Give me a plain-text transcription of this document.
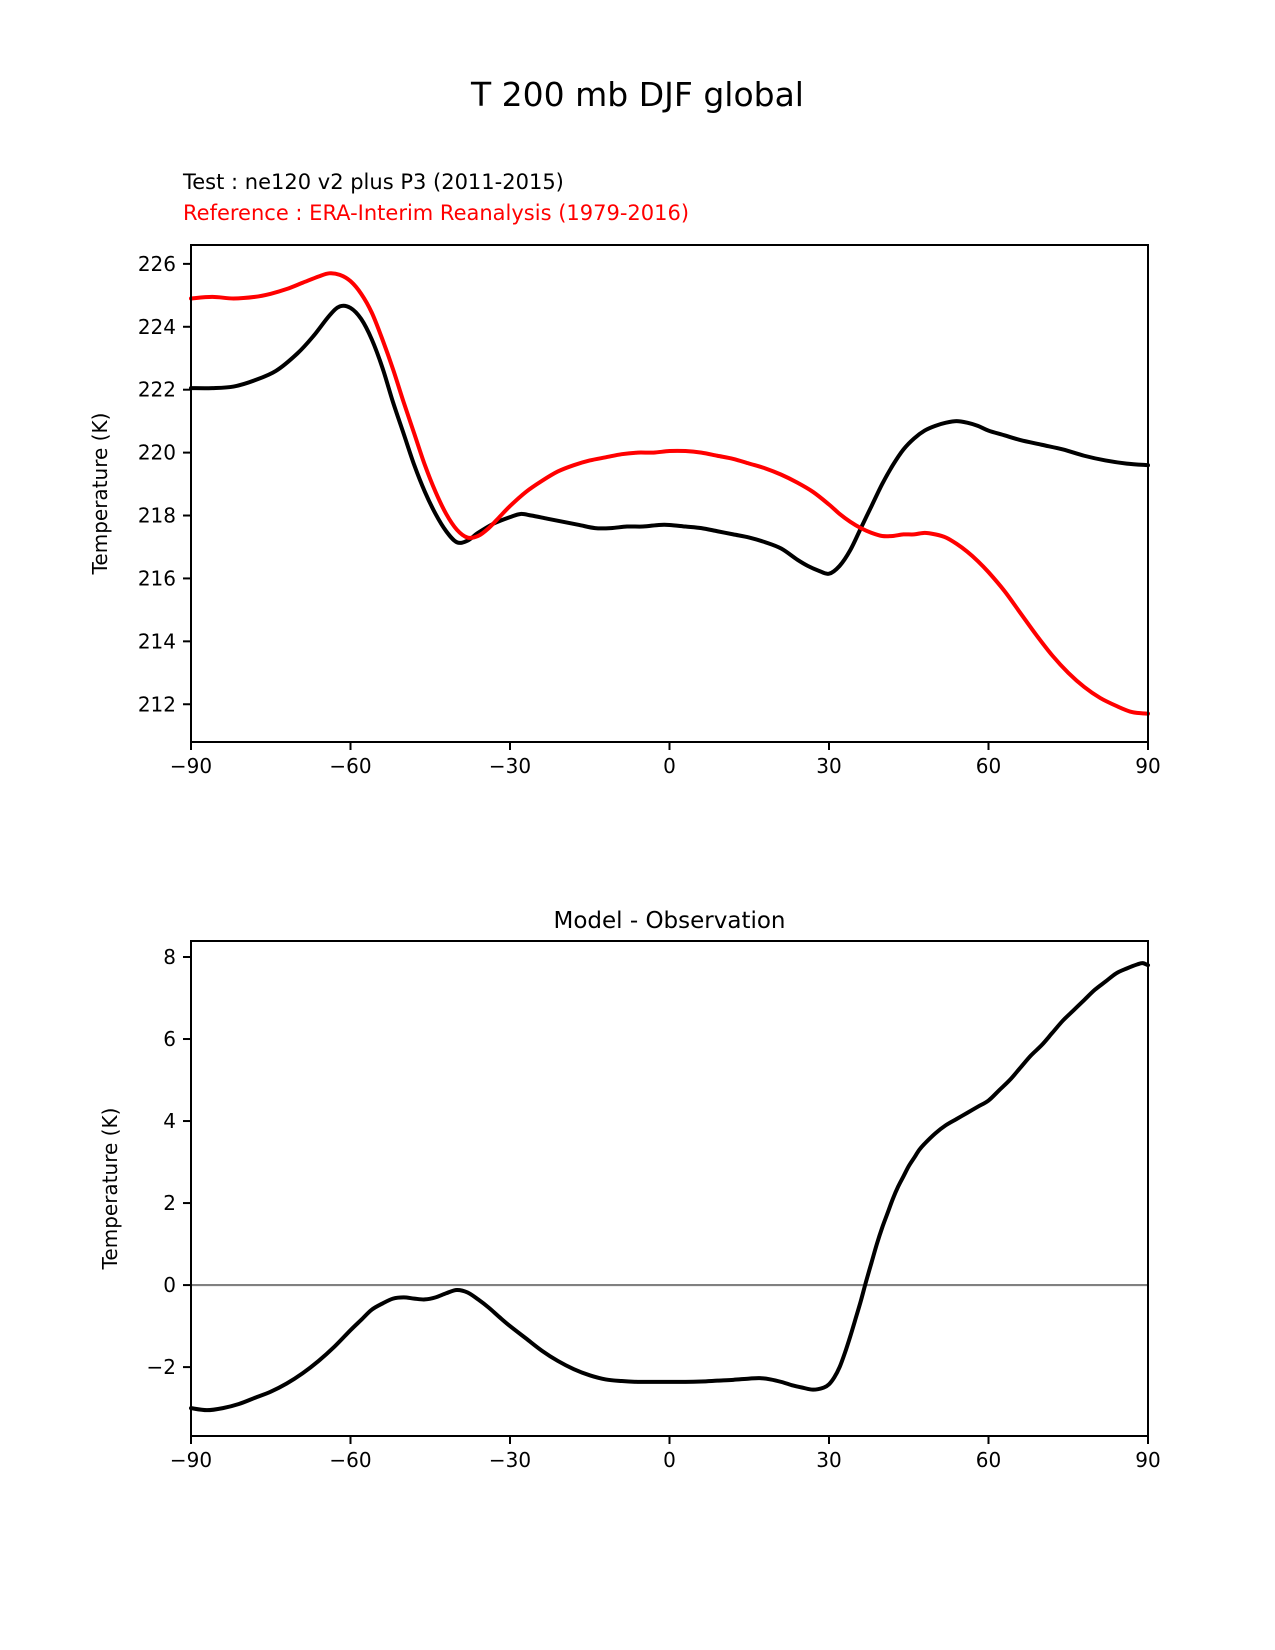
T 200 mb DJF global
Test : ne120 v2 plus P3 (2011-2015)
Reference : ERA-Interim Reanalysis (1979-2016)
−90	−60	−30	0	30	60	90
212
214
216
218
220
222
224
226
Temperature (K)
Model - Observation
−90	−60	−30	0	30	60	90
−2
0
2
4
6
8
Temperature (K)
